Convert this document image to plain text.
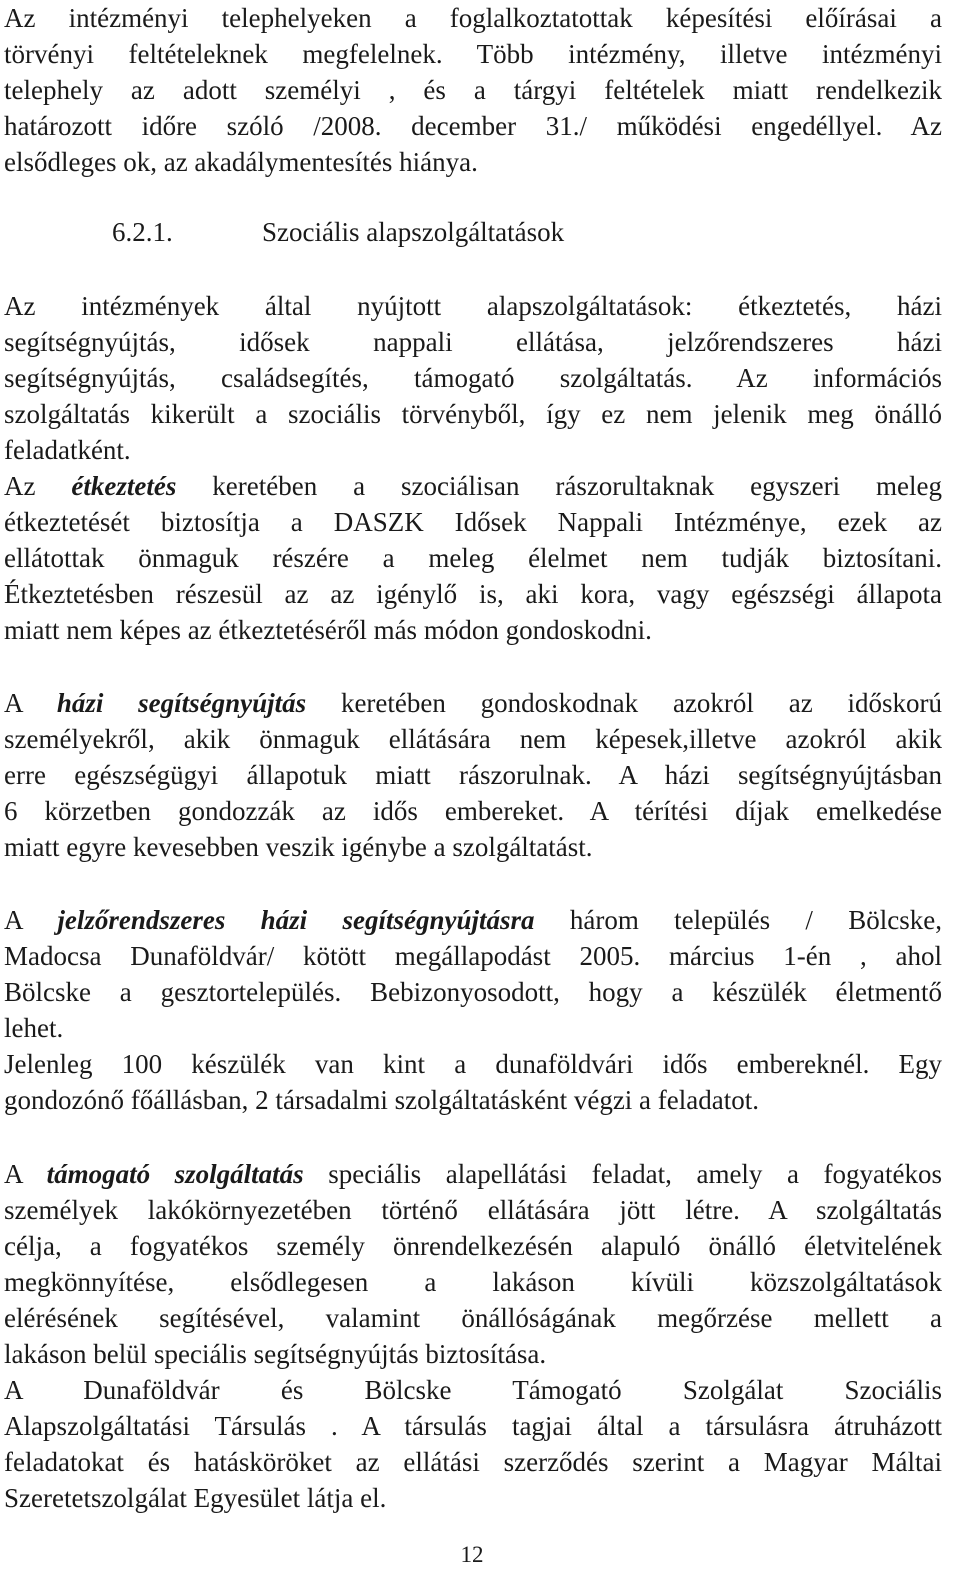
Az intézményi telephelyeken a foglalkoztatottak képesítési előírásai a
törvényi feltételeknek megfelelnek. Több intézmény, illetve intézményi
telephely az adott személyi , és a tárgyi feltételek miatt rendelkezik
határozott időre szóló /2008. december 31./ működési engedéllyel. Az
elsődleges ok, az akadálymentesítés hiánya.
6.2.1.	Szociális alapszolgáltatások
Az intézmények által nyújtott alapszolgáltatások: étkeztetés, házi
segítségnyújtás, idősek nappali ellátása, jelzőrendszeres házi
segítségnyújtás, családsegítés, támogató szolgáltatás. Az információs
szolgáltatás kikerült a szociális törvényből, így ez nem jelenik meg önálló
feladatként.
Az étkeztetés keretében a szociálisan rászorultaknak egyszeri meleg
étkeztetését biztosítja a DASZK Idősek Nappali Intézménye, ezek az
ellátottak önmaguk részére a meleg élelmet nem tudják biztosítani.
Étkeztetésben részesül az az igénylő is, aki kora, vagy egészségi állapota
miatt nem képes az étkeztetéséről más módon gondoskodni.
A házi segítségnyújtás keretében gondoskodnak azokról az időskorú
személyekről, akik önmaguk ellátására nem képesek,illetve azokról akik
erre egészségügyi állapotuk miatt rászorulnak. A házi segítségnyújtásban
6 körzetben gondozzák az idős embereket. A térítési díjak emelkedése
miatt egyre kevesebben veszik igénybe a szolgáltatást.
A jelzőrendszeres házi segítségnyújtásra három település / Bölcske,
Madocsa Dunaföldvár/ kötött megállapodást 2005. március 1-én , ahol
Bölcske a gesztortelepülés. Bebizonyosodott, hogy a készülék életmentő
lehet.
Jelenleg 100 készülék van kint a dunaföldvári idős embereknél. Egy
gondozónő főállásban, 2 társadalmi szolgáltatásként végzi a feladatot.
A támogató szolgáltatás speciális alapellátási feladat, amely a fogyatékos
személyek lakókörnyezetében történő ellátására jött létre. A szolgáltatás
célja, a fogyatékos személy önrendelkezésén alapuló önálló életvitelének
megkönnyítése, elsődlegesen a lakáson kívüli közszolgáltatások
elérésének segítésével, valamint önállóságának megőrzése mellett a
lakáson belül speciális segítségnyújtás biztosítása.
A Dunaföldvár és Bölcske Támogató Szolgálat Szociális
Alapszolgáltatási Társulás . A társulás tagjai által a társulásra átruházott
feladatokat és hatásköröket az ellátási szerződés szerint a Magyar Máltai
Szeretetszolgálat Egyesület látja el.
12
